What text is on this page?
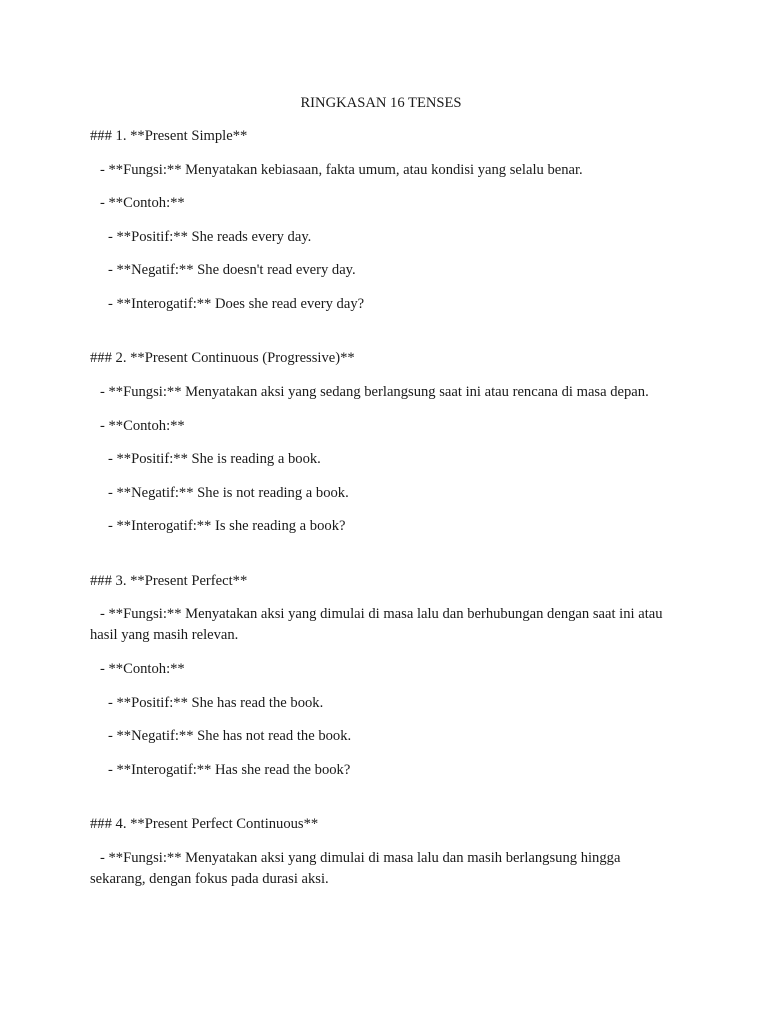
RINGKASAN 16 TENSES
### 1. **Present Simple**
- **Fungsi:** Menyatakan kebiasaan, fakta umum, atau kondisi yang selalu benar.
- **Contoh:**
- **Positif:** She reads every day.
- **Negatif:** She doesn't read every day.
- **Interogatif:** Does she read every day?
### 2. **Present Continuous (Progressive)**
- **Fungsi:** Menyatakan aksi yang sedang berlangsung saat ini atau rencana di masa depan.
- **Contoh:**
- **Positif:** She is reading a book.
- **Negatif:** She is not reading a book.
- **Interogatif:** Is she reading a book?
### 3. **Present Perfect**
- **Fungsi:** Menyatakan aksi yang dimulai di masa lalu dan berhubungan dengan saat ini atau hasil yang masih relevan.
- **Contoh:**
- **Positif:** She has read the book.
- **Negatif:** She has not read the book.
- **Interogatif:** Has she read the book?
### 4. **Present Perfect Continuous**
- **Fungsi:** Menyatakan aksi yang dimulai di masa lalu dan masih berlangsung hingga sekarang, dengan fokus pada durasi aksi.
